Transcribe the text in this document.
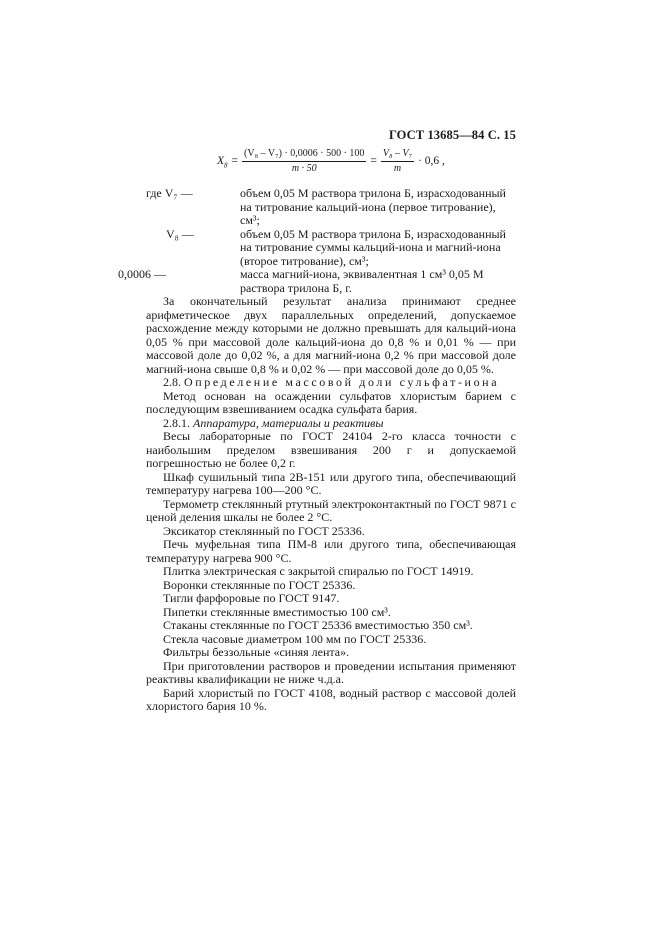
ГОСТ 13685—84 С. 15
$X_8 = \frac{\text{(V₈ – V₇) · 0,0006 · 500 · 100}}{m \cdot 50} = \frac{\text{V₈ – V₇}}{m} \cdot 0,6$ ,
где V₇ —	объем 0,05 М раствора трилона Б, израсходованный на титрование кальций-иона (первое титрование), см³;
V₈ —	объем 0,05 М раствора трилона Б, израсходованный на титрование суммы кальций-иона и магний-иона (второе титрование), см³;
0,0006 —	масса магний-иона, эквивалентная 1 см³ 0,05 М раствора трилона Б, г.

За окончательный результат анализа принимают среднее арифметическое двух параллельных определений, допускаемое расхождение между которыми не должно превышать для кальций-иона 0,05 % при массовой доле кальций-иона до 0,8 % и 0,01 % — при массовой доле до 0,02 %, а для магний-иона 0,2 % при массовой доле магний-иона свыше 0,8 % и 0,02 % — при массовой доле до 0,05 %.

2.8. Определение массовой доли сульфат-иона

Метод основан на осаждении сульфатов хлористым барием с последующим взвешиванием осадка сульфата бария.

2.8.1. Аппаратура, материалы и реактивы

Весы лабораторные по ГОСТ 24104 2-го класса точности с наибольшим пределом взвешивания 200 г и допускаемой погрешностью не более 0,2 г.

Шкаф сушильный типа 2В-151 или другого типа, обеспечивающий температуру нагрева 100—200 °С.

Термометр стеклянный ртутный электроконтактный по ГОСТ 9871 с ценой деления шкалы не более 2 °С.

Эксикатор стеклянный по ГОСТ 25336.

Печь муфельная типа ПМ-8 или другого типа, обеспечивающая температуру нагрева 900 °С.

Плитка электрическая с закрытой спиралью по ГОСТ 14919.

Воронки стеклянные по ГОСТ 25336.

Тигли фарфоровые по ГОСТ 9147.

Пипетки стеклянные вместимостью 100 см³.

Стаканы стеклянные по ГОСТ 25336 вместимостью 350 см³.

Стекла часовые диаметром 100 мм по ГОСТ 25336.

Фильтры беззольные «синяя лента».

При приготовлении растворов и проведении испытания применяют реактивы квалификации не ниже ч.д.а.

Барий хлористый по ГОСТ 4108, водный раствор с массовой долей хлористого бария 10 %.
